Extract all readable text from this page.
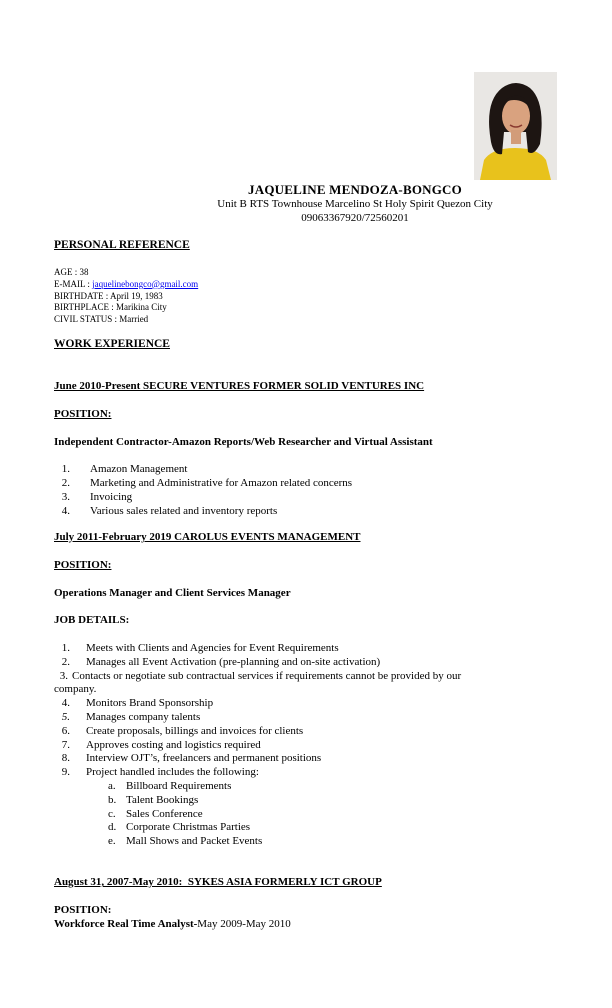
JAQUELINE MENDOZA-BONGCO
Unit B RTS Townhouse Marcelino St Holy Spirit Quezon City
09063367920/72560201
PERSONAL REFERENCE
AGE : 38
E-MAIL : jaquelinebongco@gmail.com
BIRTHDATE : April 19, 1983
BIRTHPLACE : Marikina City
CIVIL STATUS : Married
WORK EXPERIENCE
June 2010-Present SECURE VENTURES FORMER SOLID VENTURES INC
POSITION:
Independent Contractor-Amazon Reports/Web Researcher and Virtual Assistant
1. Amazon Management
2. Marketing and Administrative for Amazon related concerns
3. Invoicing
4. Various sales related and inventory reports
July 2011-February 2019 CAROLUS EVENTS MANAGEMENT
POSITION:
Operations Manager and Client Services Manager
JOB DETAILS:
1. Meets with Clients and Agencies for Event Requirements
2. Manages all Event Activation (pre-planning and on-site activation)
3. Contacts or negotiate sub contractual services if requirements cannot be provided by our
company.
4. Monitors Brand Sponsorship
5. Manages company talents
6. Create proposals, billings and invoices for clients
7. Approves costing and logistics required
8. Interview OJT’s, freelancers and permanent positions
9. Project handled includes the following:
a. Billboard Requirements
b. Talent Bookings
c. Sales Conference
d. Corporate Christmas Parties
e. Mall Shows and Packet Events
August 31, 2007-May 2010:  SYKES ASIA FORMERLY ICT GROUP
POSITION:
Workforce Real Time Analyst-May 2009-May 2010
